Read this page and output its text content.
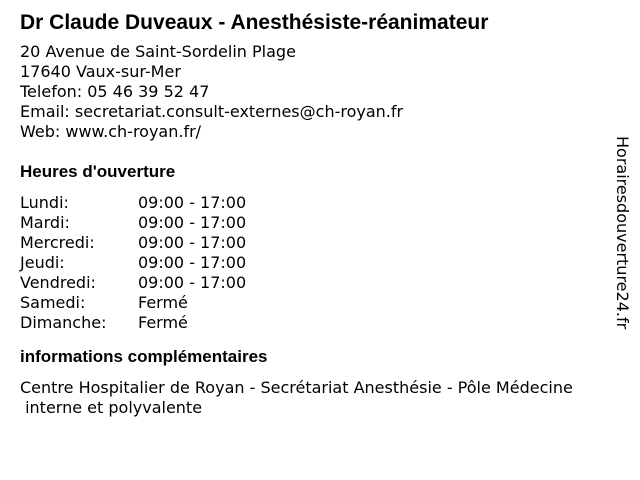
Dr Claude Duveaux - Anesthésiste-réanimateur
20 Avenue de Saint-Sordelin Plage
17640 Vaux-sur-Mer
Telefon: 05 46 39 52 47
Email: secretariat.consult-externes@ch-royan.fr
Web: www.ch-royan.fr/
Heures d'ouverture
Lundi:	09:00 - 17:00
Mardi:	09:00 - 17:00
Mercredi:	09:00 - 17:00
Jeudi:	09:00 - 17:00
Vendredi:	09:00 - 17:00
Samedi:	Fermé
Dimanche:	Fermé
informations complémentaires
Centre Hospitalier de Royan - Secrétariat Anesthésie - Pôle Médecine
interne et polyvalente
Horairesdouverture24.fr
